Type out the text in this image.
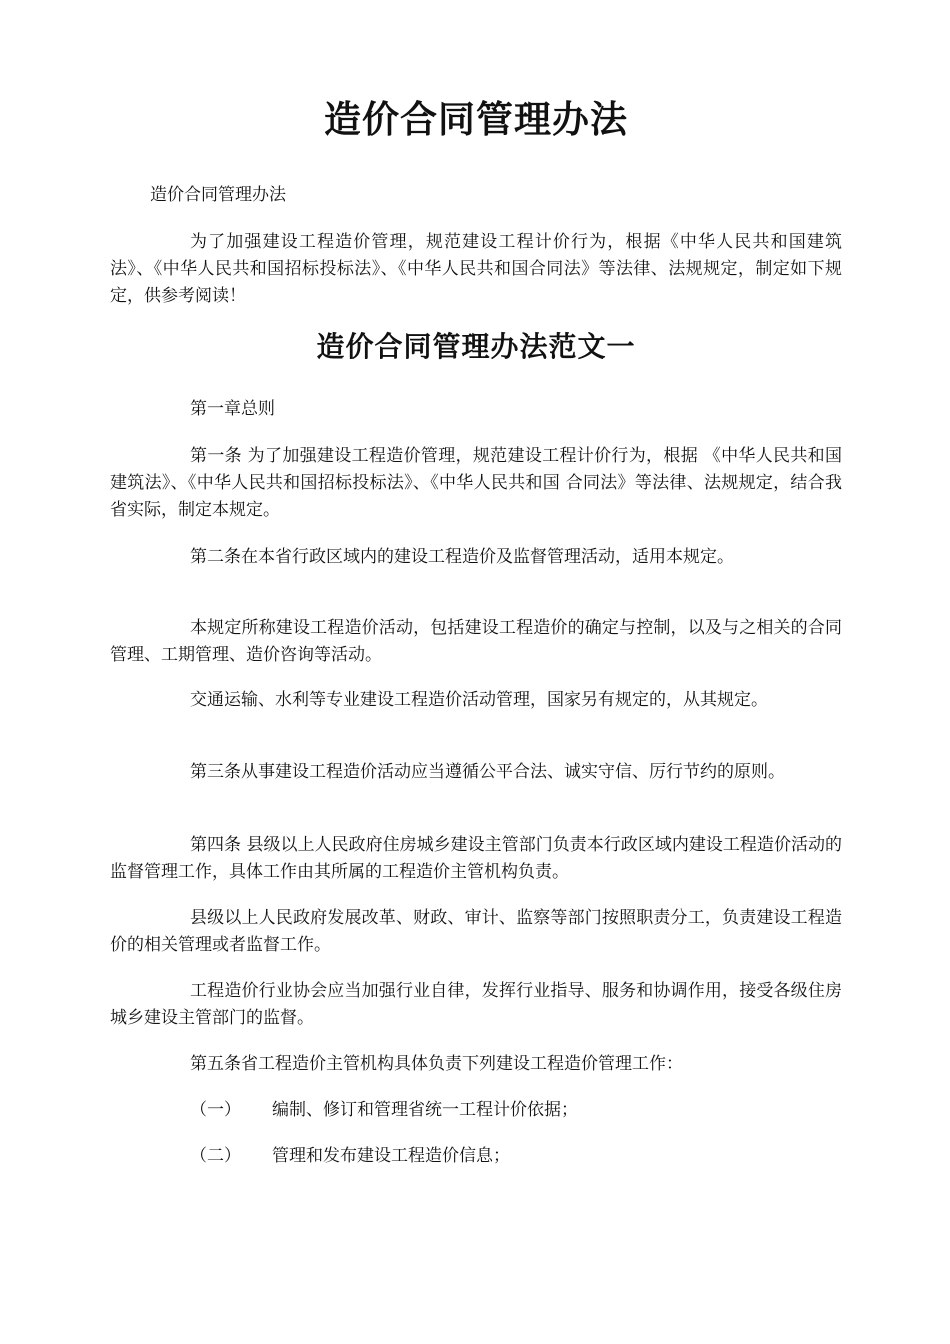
造价合同管理办法

造价合同管理办法

为了加强建设工程造价管理，规范建设工程计价行为，根据《中华人民共和国建筑法》、《中华人民共和国招标投标法》、《中华人民共和国合同法》等法律、法规规定，制定如下规定，供参考阅读！

造价合同管理办法范文一

第一章总则

第一条 为了加强建设工程造价管理，规范建设工程计价行为，根据 《中华人民共和国建筑法》、《中华人民共和国招标投标法》、《中华人民共和国 合同法》等法律、法规规定，结合我省实际，制定本规定。

第二条在本省行政区域内的建设工程造价及监督管理活动，适用本规定。

本规定所称建设工程造价活动，包括建设工程造价的确定与控制，以及与之相关的合同管理、工期管理、造价咨询等活动。

交通运输、水利等专业建设工程造价活动管理，国家另有规定的，从其规定。

第三条从事建设工程造价活动应当遵循公平合法、诚实守信、厉行节约的原则。

第四条 县级以上人民政府住房城乡建设主管部门负责本行政区域内建设工程造价活动的监督管理工作，具体工作由其所属的工程造价主管机构负责。

县级以上人民政府发展改革、财政、审计、监察等部门按照职责分工，负责建设工程造价的相关管理或者监督工作。

工程造价行业协会应当加强行业自律，发挥行业指导、服务和协调作用，接受各级住房城乡建设主管部门的监督。

第五条省工程造价主管机构具体负责下列建设工程造价管理工作：

（一） 编制、修订和管理省统一工程计价依据；

（二） 管理和发布建设工程造价信息；
